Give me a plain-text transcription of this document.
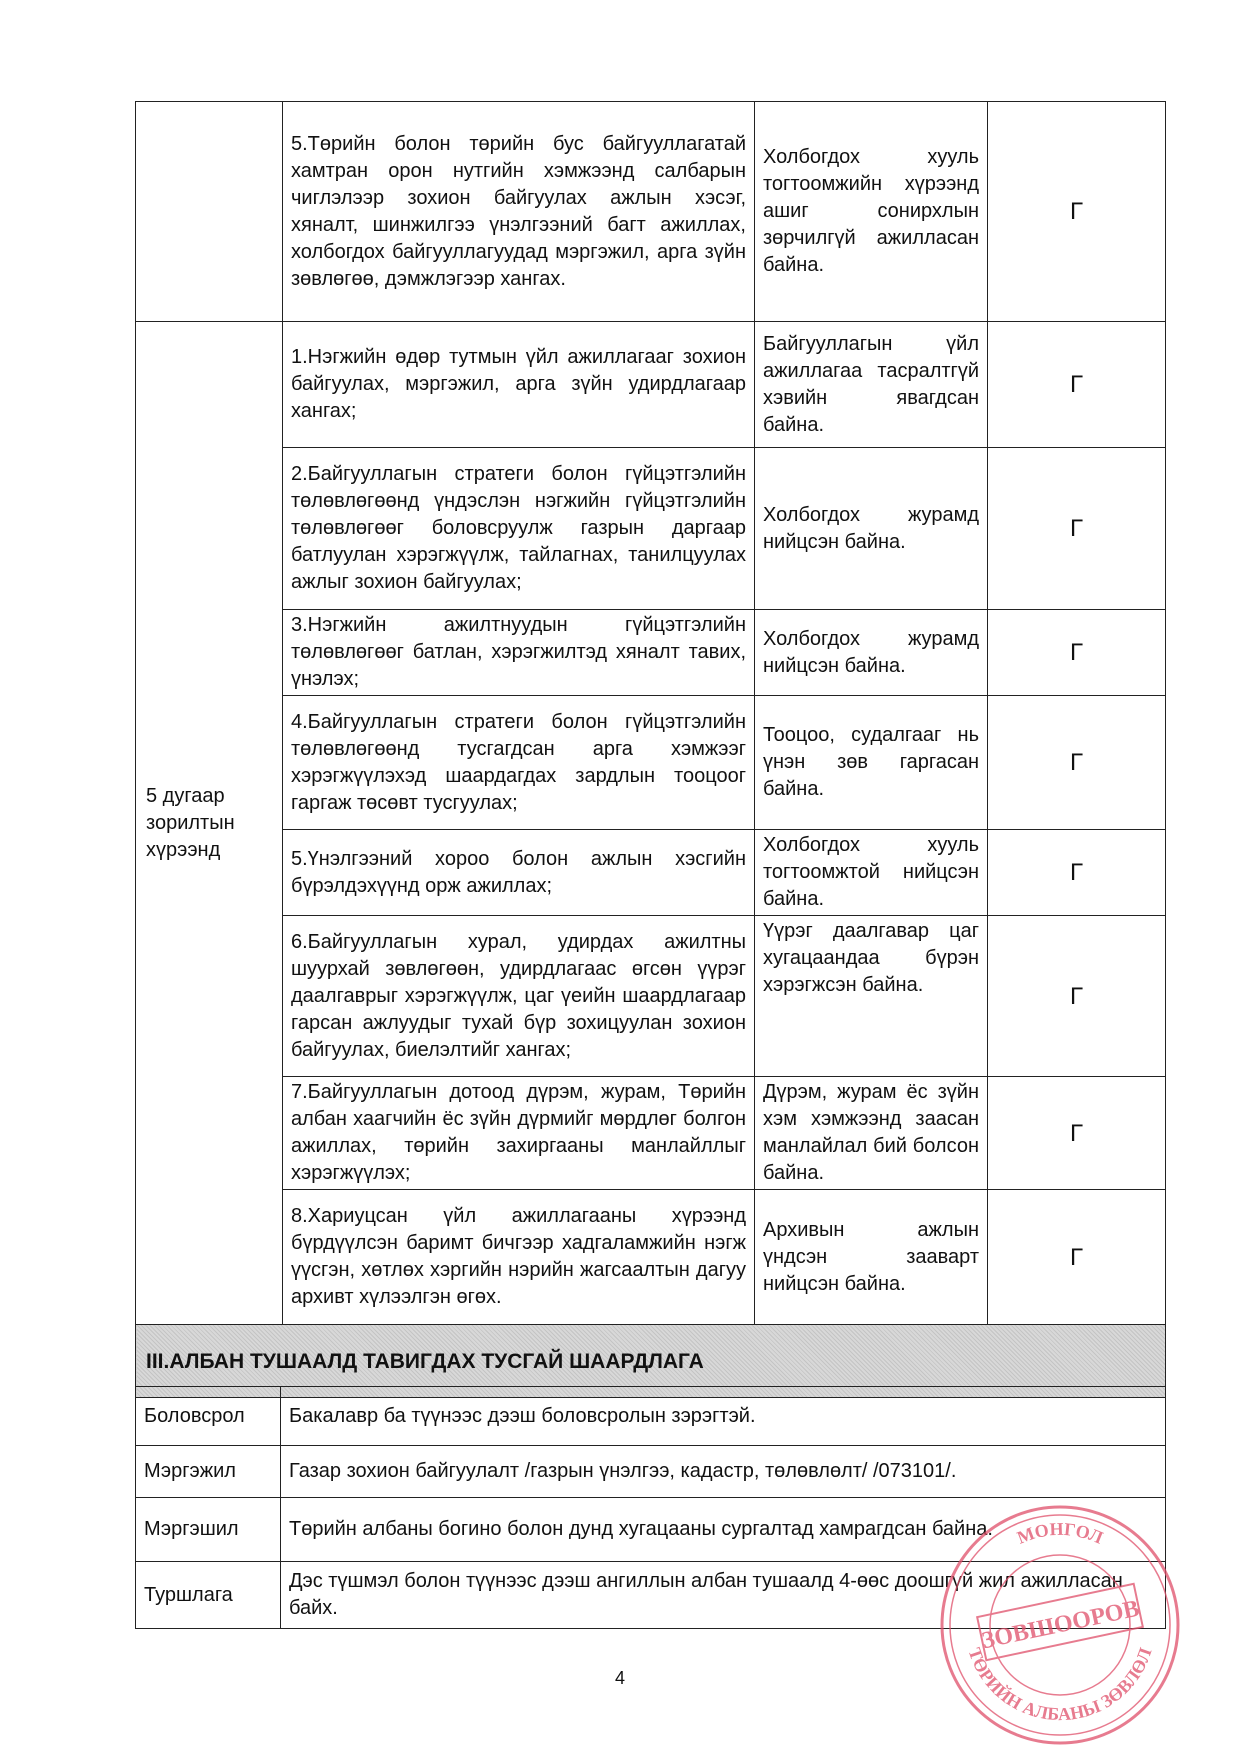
	5.Төрийн болон төрийн бус байгууллагатай хамтран орон нутгийн хэмжээнд салбарын чиглэлээр зохион байгуулах ажлын хэсэг, хяналт, шинжилгээ үнэлгээний багт ажиллах, холбогдох байгууллагуудад мэргэжил, арга зүйн зөвлөгөө, дэмжлэгээр хангах.	Холбогдох хууль тогтоомжийн хүрээнд ашиг сонирхлын зөрчилгүй ажилласан байна.	Г
5 дугаар зорилтын хүрээнд	1.Нэгжийн өдөр тутмын үйл ажиллагааг зохион байгуулах, мэргэжил, арга зүйн удирдлагаар хангах;	Байгууллагын үйл ажиллагаа тасралтгүй хэвийн явагдсан байна.	Г
	2.Байгууллагын стратеги болон гүйцэтгэлийн төлөвлөгөөнд үндэслэн нэгжийн гүйцэтгэлийн төлөвлөгөөг боловсруулж газрын даргаар батлуулан хэрэгжүүлж, тайлагнах, танилцуулах ажлыг зохион байгуулах;	Холбогдох журамд нийцсэн байна.	Г
	3.Нэгжийн ажилтнуудын гүйцэтгэлийн төлөвлөгөөг батлан, хэрэгжилтэд хяналт тавих, үнэлэх;	Холбогдох журамд нийцсэн байна.	Г
	4.Байгууллагын стратеги болон гүйцэтгэлийн төлөвлөгөөнд тусгагдсан арга хэмжээг хэрэгжүүлэхэд шаардагдах зардлын тооцоог гаргаж төсөвт тусгуулах;	Тооцоо, судалгааг нь үнэн зөв гаргасан байна.	Г
	5.Үнэлгээний хороо болон ажлын хэсгийн бүрэлдэхүүнд орж ажиллах;	Холбогдох хууль тогтоомжтой нийцсэн байна.	Г
	6.Байгууллагын хурал, удирдах ажилтны шуурхай зөвлөгөөн, удирдлагаас өгсөн үүрэг даалгаврыг хэрэгжүүлж, цаг үеийн шаардлагаар гарсан ажлуудыг тухай бүр зохицуулан зохион байгуулах, биелэлтийг хангах;	Үүрэг даалгавар цаг хугацаандаа бүрэн хэрэгжсэн байна.	Г
	7.Байгууллагын дотоод дүрэм, журам, Төрийн албан хаагчийн ёс зүйн дүрмийг мөрдлөг болгон ажиллах, төрийн захиргааны манлайллыг хэрэгжүүлэх;	Дүрэм, журам ёс зүйн хэм хэмжээнд заасан манлайлал бий болсон байна.	Г
	8.Хариуцсан үйл ажиллагааны хүрээнд бүрдүүлсэн баримт бичгээр хадгаламжийн нэгж үүсгэн, хөтлөх хэргийн нэрийн жагсаалтын дагуу архивт хүлээлгэн өгөх.	Архивын ажлын үндсэн зааварт нийцсэн байна.	Г
III.АЛБАН ТУШААЛД ТАВИГДАХ ТУСГАЙ ШААРДЛАГА			
Боловсрол	Бакалавр ба түүнээс дээш боловсролын зэрэгтэй.
Мэргэжил	Газар зохион байгуулалт /газрын үнэлгээ, кадастр, төлөвлөлт/ /073101/.
Мэргэшил	Төрийн албаны богино болон дунд хугацааны сургалтад хамрагдсан байна.
Туршлага	Дэс түшмэл болон түүнээс дээш ангиллын албан тушаалд 4-өөс доошгүй жил ажилласан байх.
4
МОНГОЛ
ЗОВШООРОВ
ТӨРИЙН АЛБАНЫ ЗӨВЛӨЛ
